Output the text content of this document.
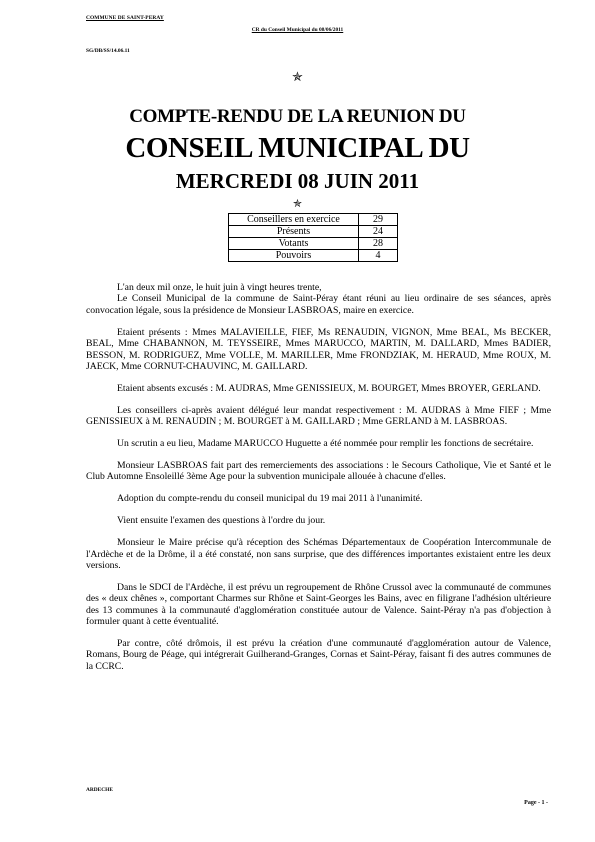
COMMUNE DE SAINT-PERAY
CR du Conseil Municipal du 08/06/2011
SG/DB/SS/14.06.11
✯
COMPTE-RENDU DE LA REUNION DU
CONSEIL MUNICIPAL DU
MERCREDI 08 JUIN 2011
✯
Conseillers en exercice	29
Présents	24
Votants	28
Pouvoirs	4

L'an deux mil onze, le huit juin à vingt heures trente,

Le Conseil Municipal de la commune de Saint-Péray étant réuni au lieu ordinaire de ses séances, après convocation légale, sous la présidence de Monsieur LASBROAS, maire en exercice.

Etaient présents : Mmes MALAVIEILLE, FIEF, Ms RENAUDIN, VIGNON, Mme BEAL, Ms BECKER, BEAL, Mme CHABANNON, M. TEYSSEIRE, Mmes MARUCCO, MARTIN, M. DALLARD, Mmes BADIER, BESSON, M. RODRIGUEZ, Mme VOLLE, M. MARILLER, Mme FRONDZIAK, M. HERAUD, Mme ROUX, M. JAECK, Mme CORNUT-CHAUVINC, M. GAILLARD.

Etaient absents excusés : M. AUDRAS, Mme GENISSIEUX, M. BOURGET, Mmes BROYER, GERLAND.

Les conseillers ci-après avaient délégué leur mandat respectivement : M. AUDRAS à Mme FIEF ; Mme GENISSIEUX à M. RENAUDIN ; M. BOURGET à M. GAILLARD ; Mme GERLAND à M. LASBROAS.

Un scrutin a eu lieu, Madame MARUCCO Huguette a été nommée pour remplir les fonctions de secrétaire.

Monsieur LASBROAS fait part des remerciements des associations : le Secours Catholique, Vie et Santé et le Club Automne Ensoleillé 3ème Age pour la subvention municipale allouée à chacune d'elles.

Adoption du compte-rendu du conseil municipal du 19 mai 2011 à l'unanimité.

Vient ensuite l'examen des questions à l'ordre du jour.

Monsieur le Maire précise qu'à réception des Schémas Départementaux de Coopération Intercommunale de l'Ardèche et de la Drôme, il a été constaté, non sans surprise, que des différences importantes existaient entre les deux versions.

Dans le SDCI de l'Ardèche, il est prévu un regroupement de Rhône Crussol avec la communauté de communes des « deux chênes », comportant Charmes sur Rhône et Saint-Georges les Bains, avec en filigrane l'adhésion ultérieure des 13 communes à la communauté d'agglomération constituée autour de Valence. Saint-Péray n'a pas d'objection à formuler quant à cette éventualité.

Par contre, côté drômois, il est prévu la création d'une communauté d'agglomération autour de Valence, Romans, Bourg de Péage, qui intégrerait Guilherand-Granges, Cornas et Saint-Péray, faisant fi des autres communes de la CCRC.

ARDECHE
Page - 1 -
